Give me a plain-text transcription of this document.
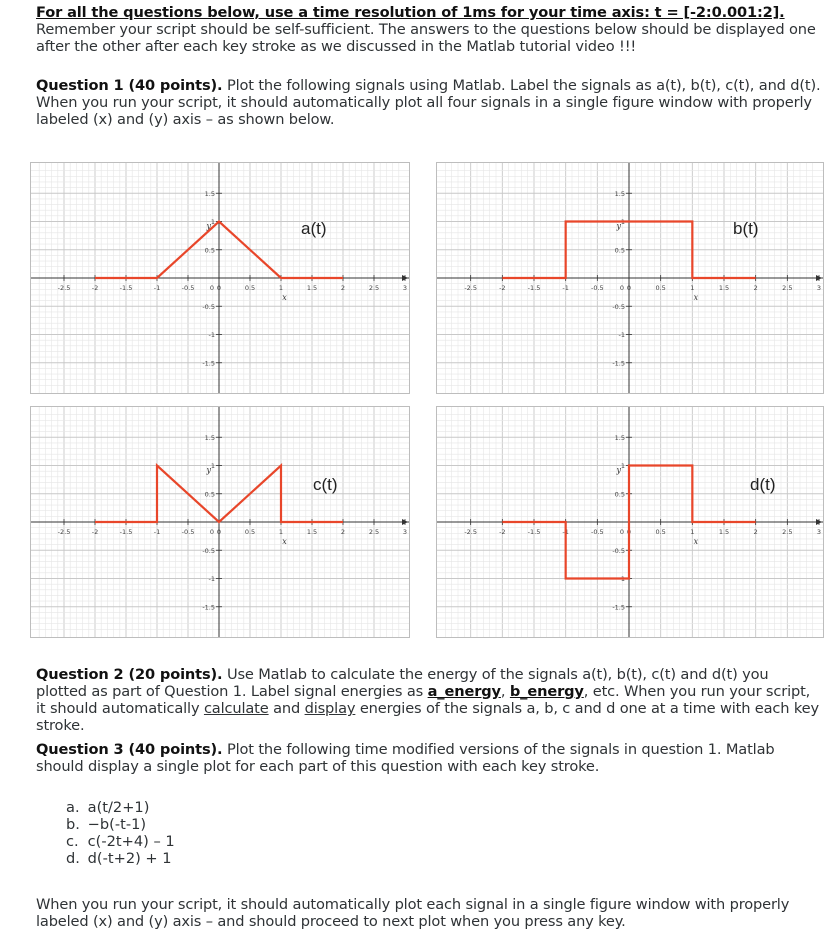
For all the questions below, use a time resolution of 1ms for your time axis: t = [-2:0.001:2]. Remember your script should be self-sufficient. The answers to the questions below should be displayed one after the other after each key stroke as we discussed in the Matlab tutorial video !!!
Question 1 (40 points). Plot the following signals using Matlab. Label the signals as a(t), b(t), c(t), and d(t). When you run your script, it should automatically plot all four signals in a single figure window with properly labeled (x) and (y) axis – as shown below.
-2.5	-2	-1.5	-1	-0.5	0	0.5	1	1.5	2	2.5	3
0
1.5
1
0.5
-0.5
-1
-1.5
x
y	a(t)
-2.5	-2	-1.5	-1	-0.5	0	0.5	1	1.5	2	2.5	3
0
1.5
1
0.5
-0.5
-1
-1.5
x
y	b(t)
-2.5	-2	-1.5	-1	-0.5	0	0.5	1	1.5	2	2.5	3
0
1.5
1
0.5
-0.5
-1
-1.5
x
y
c(t)
-2.5	-2	-1.5	-1	-0.5	0	0.5	1	1.5	2	2.5	3
0
1.5
1
0.5
-0.5
-1
-1.5
x
y
d(t)
Question 2 (20 points). Use Matlab to calculate the energy of the signals a(t), b(t), c(t) and d(t) you plotted as part of Question 1. Label signal energies as a_energy, b_energy, etc. When you run your script, it should automatically calculate and display energies of the signals a, b, c and d one at a time with each key stroke.
Question 3 (40 points). Plot the following time modified versions of the signals in question 1. Matlab should display a single plot for each part of this question with each key stroke.
a. a(t/2+1)
b. −b(-t-1)
c. c(-2t+4) – 1
d. d(-t+2) + 1
When you run your script, it should automatically plot each signal in a single figure window with properly labeled (x) and (y) axis – and should proceed to next plot when you press any key.
